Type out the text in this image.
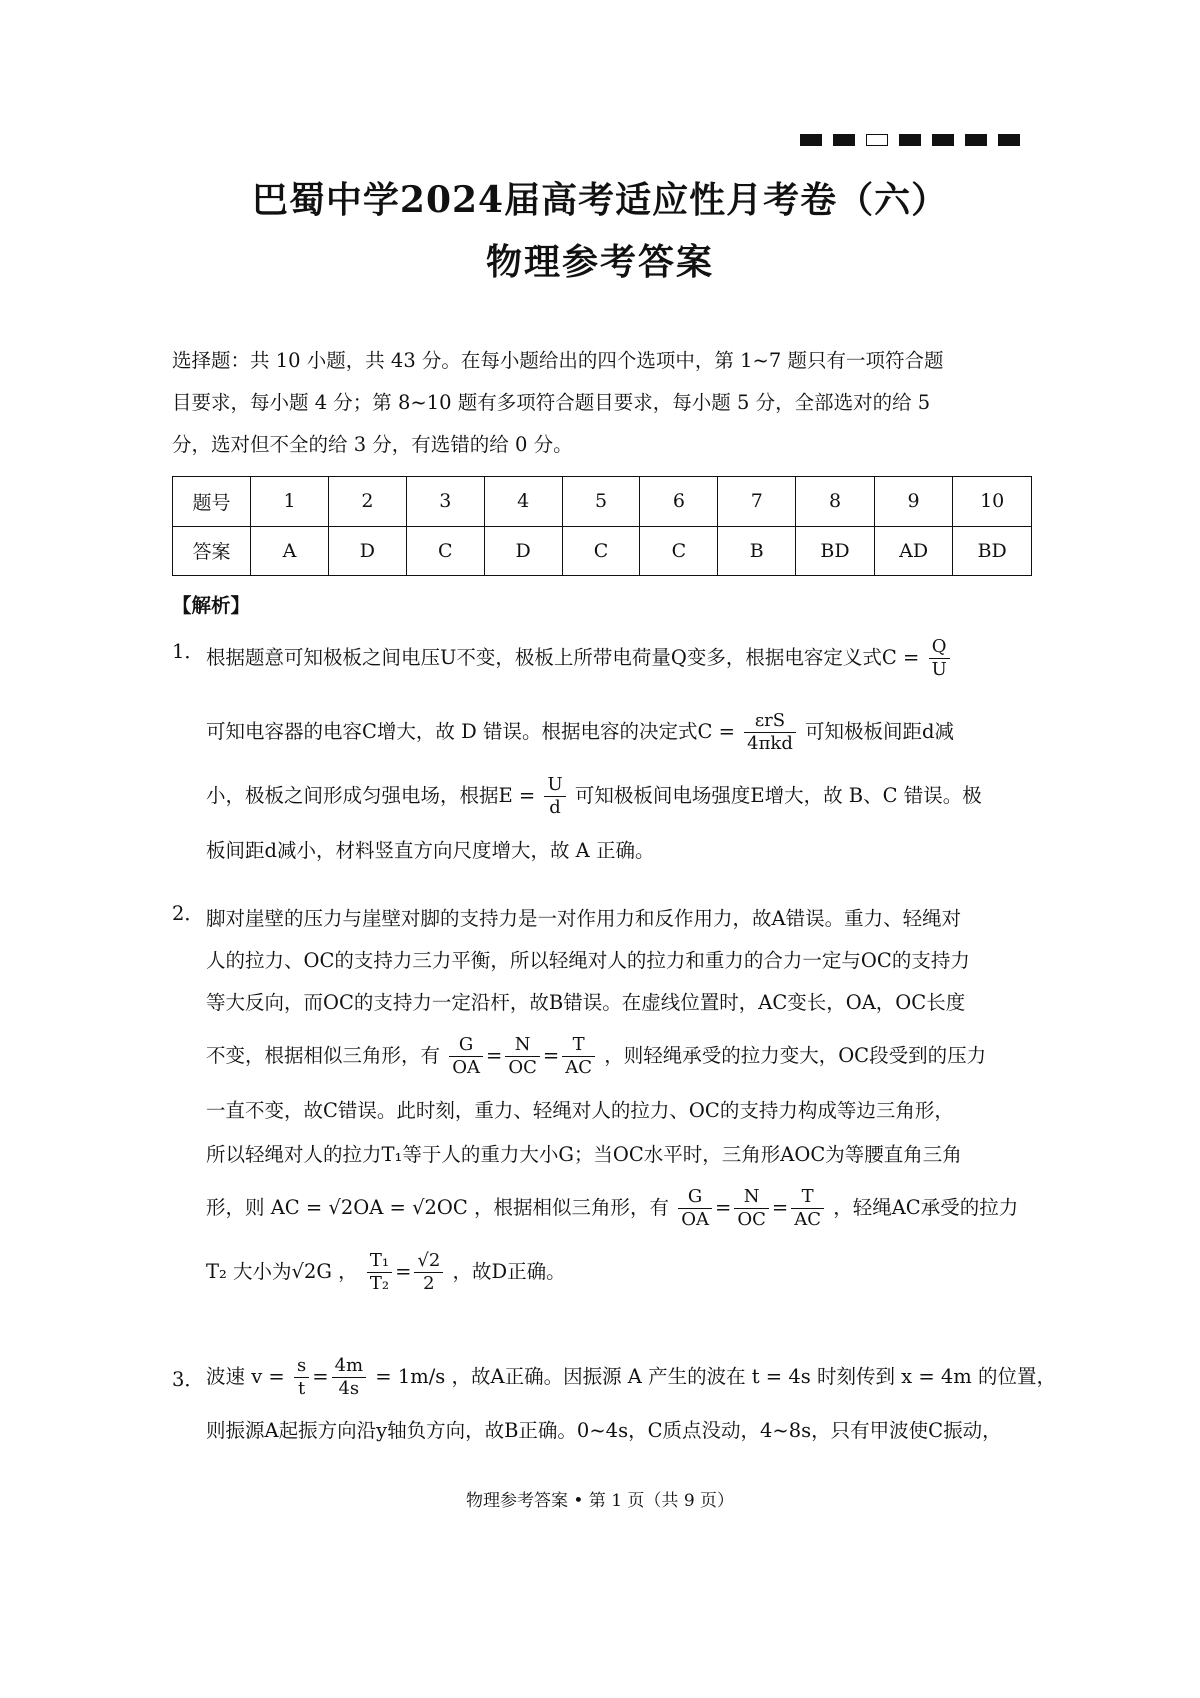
巴蜀中学2024届高考适应性月考卷（六）
物理参考答案
选择题：共 10 小题，共 43 分。在每小题给出的四个选项中，第 1~7 题只有一项符合题
目要求，每小题 4 分；第 8~10 题有多项符合题目要求，每小题 5 分，全部选对的给 5
分，选对但不全的给 3 分，有选错的给 0 分。
题号	1	2	3	4	5	6	7	8	9	10
答案	A	D	C	D	C	C	B	BD	AD	BD
【解析】
1． 根据题意可知极板之间电压U不变，极板上所带电荷量Q变多，根据电容定义式$C = \frac{Q}{U}$
可知电容器的电容C增大，故 D 错误。根据电容的决定式$C = \frac{\text{εrS}}{\text{4πkd}}$ 可知极板间距d减
小，极板之间形成匀强电场，根据$E = \frac{U}{d}$ 可知极板间电场强度E增大，故 B、C 错误。极
板间距d减小，材料竖直方向尺度增大，故 A 正确。
2． 脚对崖壁的压力与崖壁对脚的支持力是一对作用力和反作用力，故A错误。重力、轻绳对
人的拉力、OC的支持力三力平衡，所以轻绳对人的拉力和重力的合力一定与OC的支持力
等大反向，而OC的支持力一定沿杆，故B错误。在虚线位置时，AC变长，OA，OC长度
不变，根据相似三角形，有 $\frac{G}{OA} = \frac{N}{OC} = \frac{T}{AC}$ ，则轻绳承受的拉力变大，OC段受到的压力
一直不变，故C错误。此时刻，重力、轻绳对人的拉力、OC的支持力构成等边三角形，
所以轻绳对人的拉力T₁等于人的重力大小G；当OC水平时，三角形AOC为等腰直角三角
形，则 AC = √2OA = √2OC ，根据相似三角形，有 $\frac{G}{OA} = \frac{N}{OC} = \frac{T}{AC}$ ，轻绳AC承受的拉力
T₂ 大小为√2G ， $\frac{\text{T₁}}{\text{T₂}} = \frac{√2}{2}$ ，故D正确。
3． 波速 $v = \frac{s}{t} = \frac{4m}{4s} = 1m/s$ ，故A正确。因振源 A 产生的波在 t = 4s 时刻传到 x = 4m 的位置，
则振源A起振方向沿y轴负方向，故B正确。0~4s，C质点没动，4~8s，只有甲波使C振动，
物理参考答案 • 第 1 页（共 9 页）
